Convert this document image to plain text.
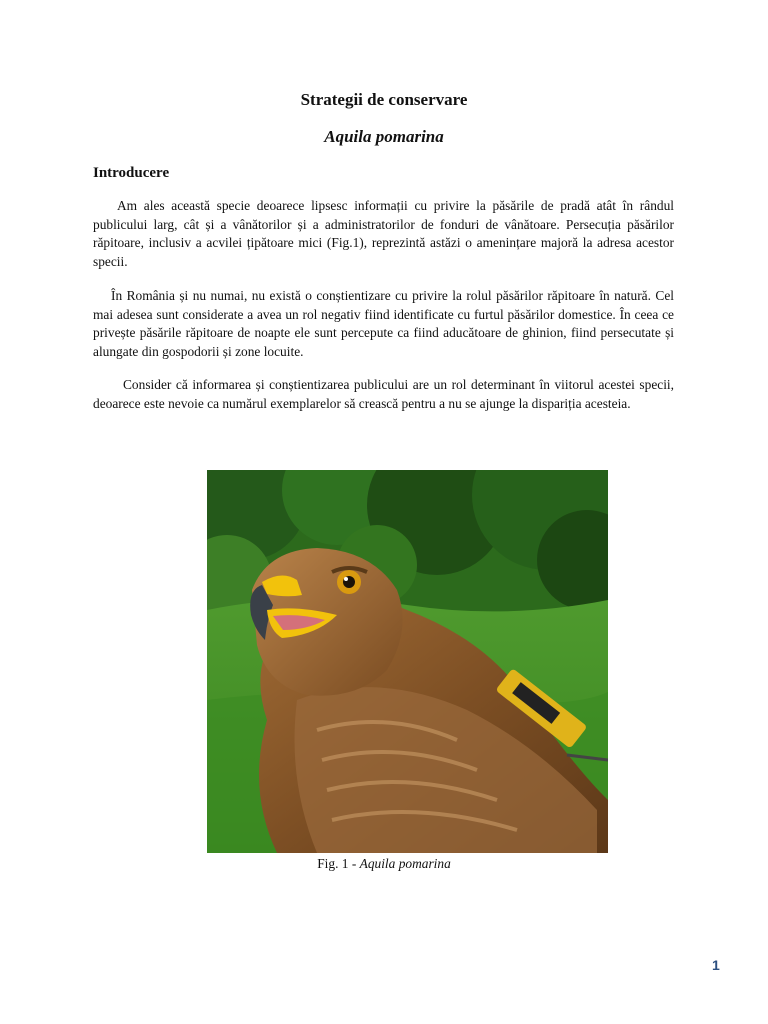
Strategii de conservare
Aquila pomarina
Introducere

Am ales această specie deoarece lipsesc informații cu privire la păsările de pradă atât în rândul publicului larg, cât și a vânătorilor și a administratorilor de fonduri de vânătoare. Persecuția păsărilor răpitoare, inclusiv a acvilei țipătoare mici (Fig.1), reprezintă astăzi o amenințare majoră la adresa acestor specii.

În România și nu numai, nu există o conștientizare cu privire la rolul păsărilor răpitoare în natură. Cel mai adesea sunt considerate a avea un rol negativ fiind identificate cu furtul păsărilor domestice. În ceea ce privește păsările răpitoare de noapte ele sunt percepute ca fiind aducătoare de ghinion, fiind persecutate și alungate din gospodorii și zone locuite.

Consider că informarea și conștientizarea publicului are un rol determinant în viitorul acestei specii, deoarece este nevoie ca numărul exemplarelor să crească pentru a nu se ajunge la dispariția acesteia.

Fig. 1 - Aquila pomarina
1
